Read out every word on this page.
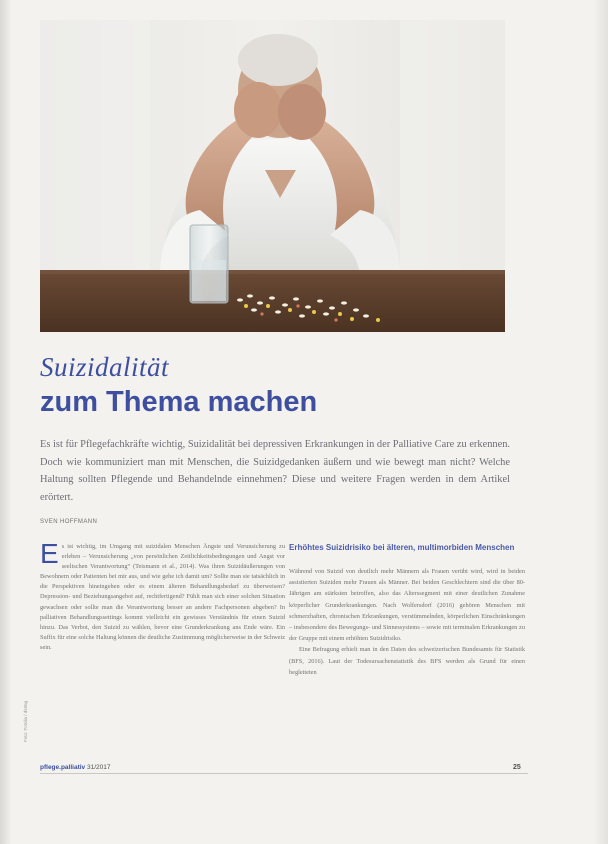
Suizidalität
zum Thema machen
Es ist für Pflegefachkräfte wichtig, Suizidalität bei depressiven Erkrankungen in der Palliative Care zu erkennen. Doch wie kommuniziert man mit Menschen, die Suizidgedanken äußern und wie bewegt man nicht? Welche Haltung sollten Pflegende und Behandelnde einnehmen? Diese und weitere Fragen werden in dem Artikel erörtert.
SVEN HOFFMANN
Foto: Fotolia / ds9ng
Es ist wichtig, im Umgang mit suizidalen Menschen Ängste und Verunsicherung zu erleben – Verunsicherung „von persönlichen Zeitlichkeitsbedingungen und Angst vor seelischen Verantwortung“ (Teismann et al., 2014). Was ihren Suizidäußerungen von Bewohnern oder Patienten bei mir aus, und wie gehe ich damit um? Sollte man sie tatsächlich in die Perspektiven hineingehen oder es einem älteren Behandlungsbedarf zu überweisen? Depression- und Beziehungsangebot auf, rechtfertigend? Fühlt man sich einer solchen Situation gewachsen oder sollte man die Verantwortung besser an andere Fachpersonen abgeben? In palliativen Behandlungssettings kommt vielleicht ein gewisses Verständnis für einen Suizid hinzu. Das Verbot, den Suizid zu wählen, bevor eine Grunderkrankung ans Ende wäre. Ein Suffix für eine solche Haltung können die deutliche Zustimmung möglicherweise in der Schweiz sein.
Erhöhtes Suizidrisiko bei älteren, multimorbiden Menschen

Während von Suizid von deutlich mehr Männern als Frauen verübt wird, wird in beiden assistierten Suiziden mehr Frauen als Männer. Bei beiden Geschlechtern sind die über 80-Jährigen am stärksten betroffen, also das Alterssegment mit einer deutlichen Zunahme körperlicher Grunderkrankungen. Nach Wolfersdorf (2016) gehören Menschen mit schmerzhaften, chronischen Erkrankungen, verstümmelnden, körperlichen Einschränkungen – insbesondere des Bewegungs- und Sinnessystems – sowie mit terminalen Erkrankungen zu der Gruppe mit einem erhöhten Suizidrisiko.

Eine Befragung erhielt man in den Daten des schweizerischen Bundesamts für Statistik (BFS, 2016). Laut der Todesursachenstatistik des BFS werden als Grund für einen begleiteten

pflege.palliativ 31/2017	25
